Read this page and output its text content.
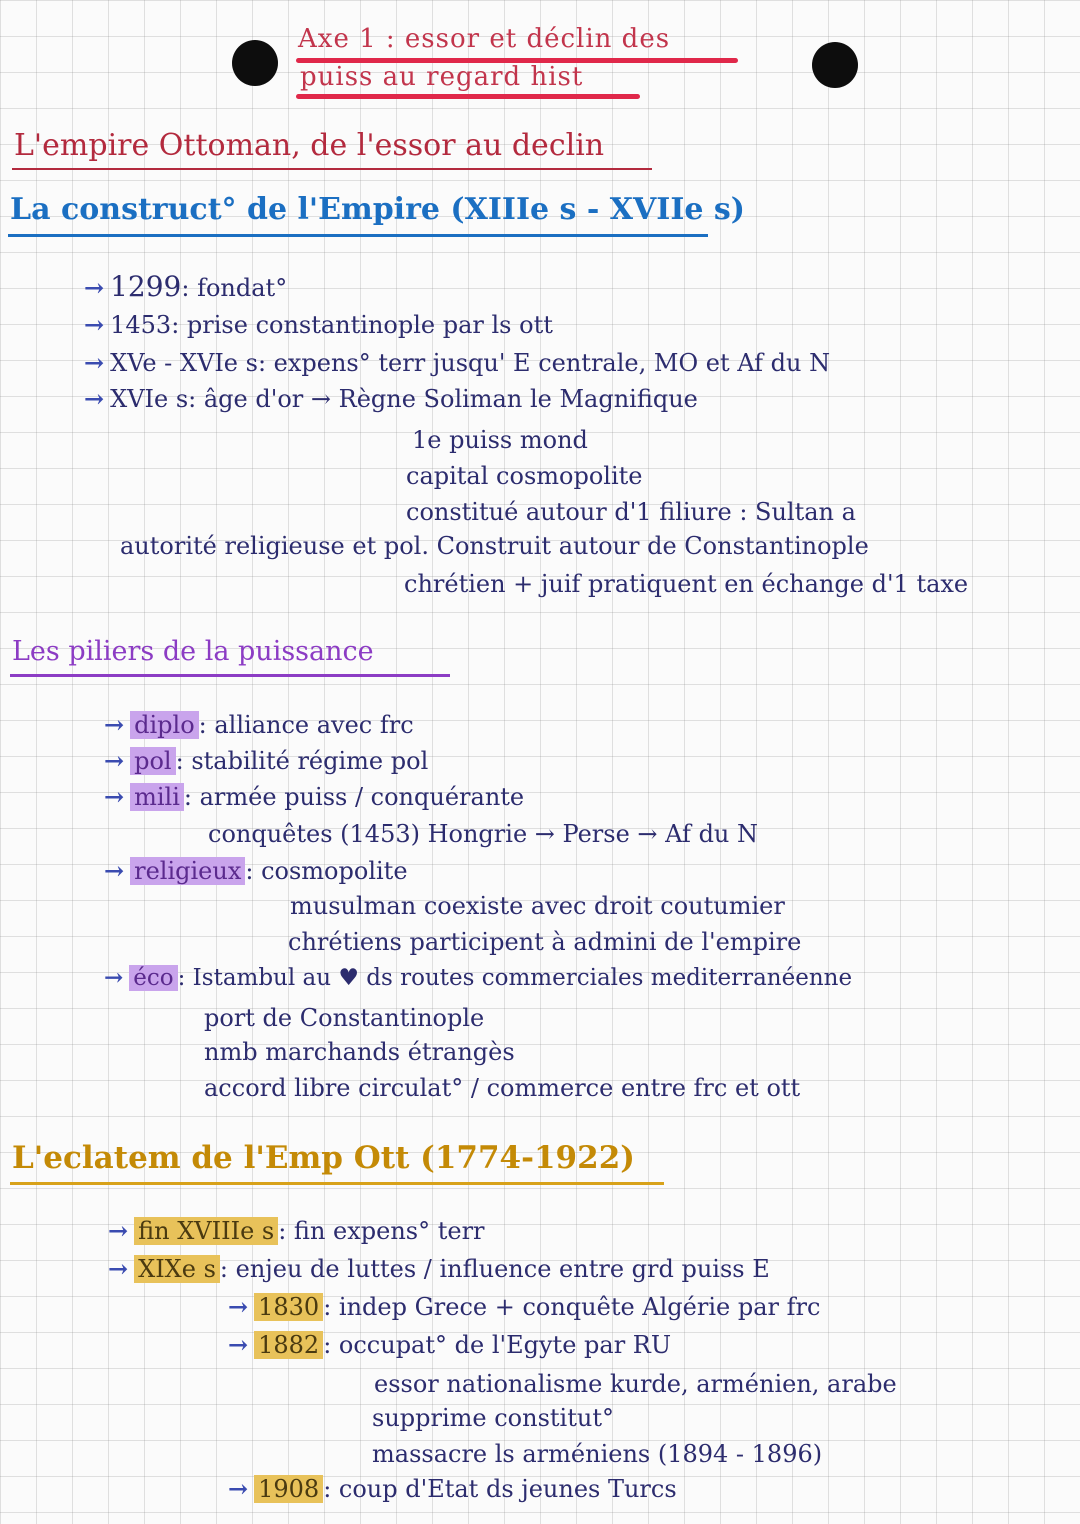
Axe 1 : essor et déclin des
puiss au regard hist
L'empire Ottoman, de l'essor au declin
La construct° de l'Empire (XIIIe s - XVIIe s)
→ 1299: fondat°
→ 1453: prise constantinople par ls ott
→ XVe - XVIe s: expens° terr jusqu' E centrale, MO et Af du N
→ XVIe s: âge d'or → Règne Soliman le Magnifique
1e puiss mond
capital cosmopolite
constitué autour d'1 filiure : Sultan a
autorité religieuse et pol. Construit autour de Constantinople
chrétien + juif pratiquent en échange d'1 taxe
Les piliers de la puissance
→ diplo : alliance avec frc
→ pol : stabilité régime pol
→ mili : armée puiss / conquérante
conquêtes (1453) Hongrie → Perse → Af du N
→ religieux : cosmopolite
musulman coexiste avec droit coutumier
chrétiens participent à admini de l'empire
→ éco : Istambul au ♥ ds routes commerciales mediterranéenne
port de Constantinople
nmb marchands étrangès
accord libre circulat° / commerce entre frc et ott
L'eclatem de l'Emp Ott (1774-1922)
→ fin XVIIIe s : fin expens° terr
→ XIXe s : enjeu de luttes / influence entre grd puiss E
→ 1830 : indep Grece + conquête Algérie par frc
→ 1882 : occupat° de l'Egyte par RU
essor nationalisme kurde, arménien, arabe
supprime constitut°
massacre ls arméniens (1894 - 1896)
→ 1908 : coup d'Etat ds jeunes Turcs
